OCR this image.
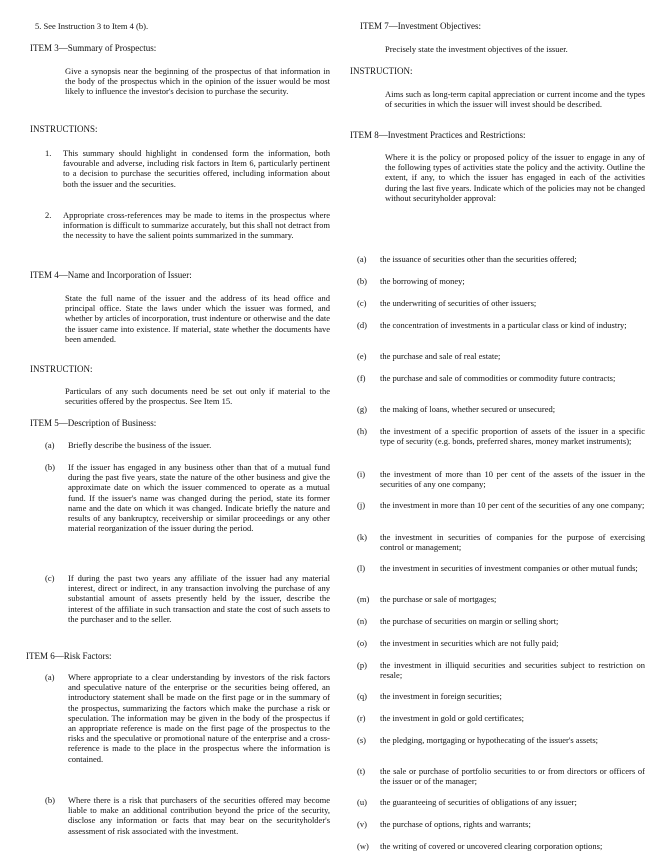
5. See Instruction 3 to Item 4 (b).

ITEM 3—Summary of Prospectus:

Give a synopsis near the beginning of the prospectus of that information in the body of the prospectus which in the opinion of the issuer would be most likely to influence the investor's decision to purchase the security.

INSTRUCTIONS:

1. This summary should highlight in condensed form the information, both favourable and adverse, including risk factors in Item 6, particularly pertinent to a decision to purchase the securities offered, including information about both the issuer and the securities.

2. Appropriate cross-references may be made to items in the prospectus where information is difficult to summarize accurately, but this shall not detract from the necessity to have the salient points summarized in the summary.

ITEM 4—Name and Incorporation of Issuer:

State the full name of the issuer and the address of its head office and principal office. State the laws under which the issuer was formed, and whether by articles of incorporation, trust indenture or otherwise and the date the issuer came into existence. If material, state whether the documents have been amended.

INSTRUCTION:

Particulars of any such documents need be set out only if material to the securities offered by the prospectus. See Item 15.

ITEM 5—Description of Business:

(a) Briefly describe the business of the issuer.

(b) If the issuer has engaged in any business other than that of a mutual fund during the past five years, state the nature of the other business and give the approximate date on which the issuer commenced to operate as a mutual fund. If the issuer's name was changed during the period, state its former name and the date on which it was changed. Indicate briefly the nature and results of any bankruptcy, receivership or similar proceedings or any other material reorganization of the issuer during the period.

(c) If during the past two years any affiliate of the issuer had any material interest, direct or indirect, in any transaction involving the purchase of any substantial amount of assets presently held by the issuer, describe the interest of the affiliate in such transaction and state the cost of such assets to the purchaser and to the seller.

ITEM 6—Risk Factors:

(a) Where appropriate to a clear understanding by investors of the risk factors and speculative nature of the enterprise or the securities being offered, an introductory statement shall be made on the first page or in the summary of the prospectus, summarizing the factors which make the purchase a risk or speculation. The information may be given in the body of the prospectus if an appropriate reference is made on the first page of the prospectus to the risks and the speculative or promotional nature of the enterprise and a cross-reference is made to the place in the prospectus where the information is contained.

(b) Where there is a risk that purchasers of the securities offered may become liable to make an additional contribution beyond the price of the security, disclose any information or facts that may bear on the securityholder's assessment of risk associated with the investment.

ITEM 7—Investment Objectives:

Precisely state the investment objectives of the issuer.

INSTRUCTION:

Aims such as long-term capital appreciation or current income and the types of securities in which the issuer will invest should be described.

ITEM 8—Investment Practices and Restrictions:

Where it is the policy or proposed policy of the issuer to engage in any of the following types of activities state the policy and the activity. Outline the extent, if any, to which the issuer has engaged in each of the activities during the last five years. Indicate which of the policies may not be changed without securityholder approval:

(a) the issuance of securities other than the securities offered;

(b) the borrowing of money;

(c) the underwriting of securities of other issuers;

(d) the concentration of investments in a particular class or kind of industry;

(e) the purchase and sale of real estate;

(f) the purchase and sale of commodities or commodity future contracts;

(g) the making of loans, whether secured or unsecured;

(h) the investment of a specific proportion of assets of the issuer in a specific type of security (e.g. bonds, preferred shares, money market instruments);

(i) the investment of more than 10 per cent of the assets of the issuer in the securities of any one company;

(j) the investment in more than 10 per cent of the securities of any one company;

(k) the investment in securities of companies for the purpose of exercising control or management;

(l) the investment in securities of investment companies or other mutual funds;

(m) the purchase or sale of mortgages;

(n) the purchase of securities on margin or selling short;

(o) the investment in securities which are not fully paid;

(p) the investment in illiquid securities and securities subject to restriction on resale;

(q) the investment in foreign securities;

(r) the investment in gold or gold certificates;

(s) the pledging, mortgaging or hypothecating of the issuer's assets;

(t) the sale or purchase of portfolio securities to or from directors or officers of the issuer or of the manager;

(u) the guaranteeing of securities of obligations of any issuer;

(v) the purchase of options, rights and warrants;

(w) the writing of covered or uncovered clearing corporation options;
